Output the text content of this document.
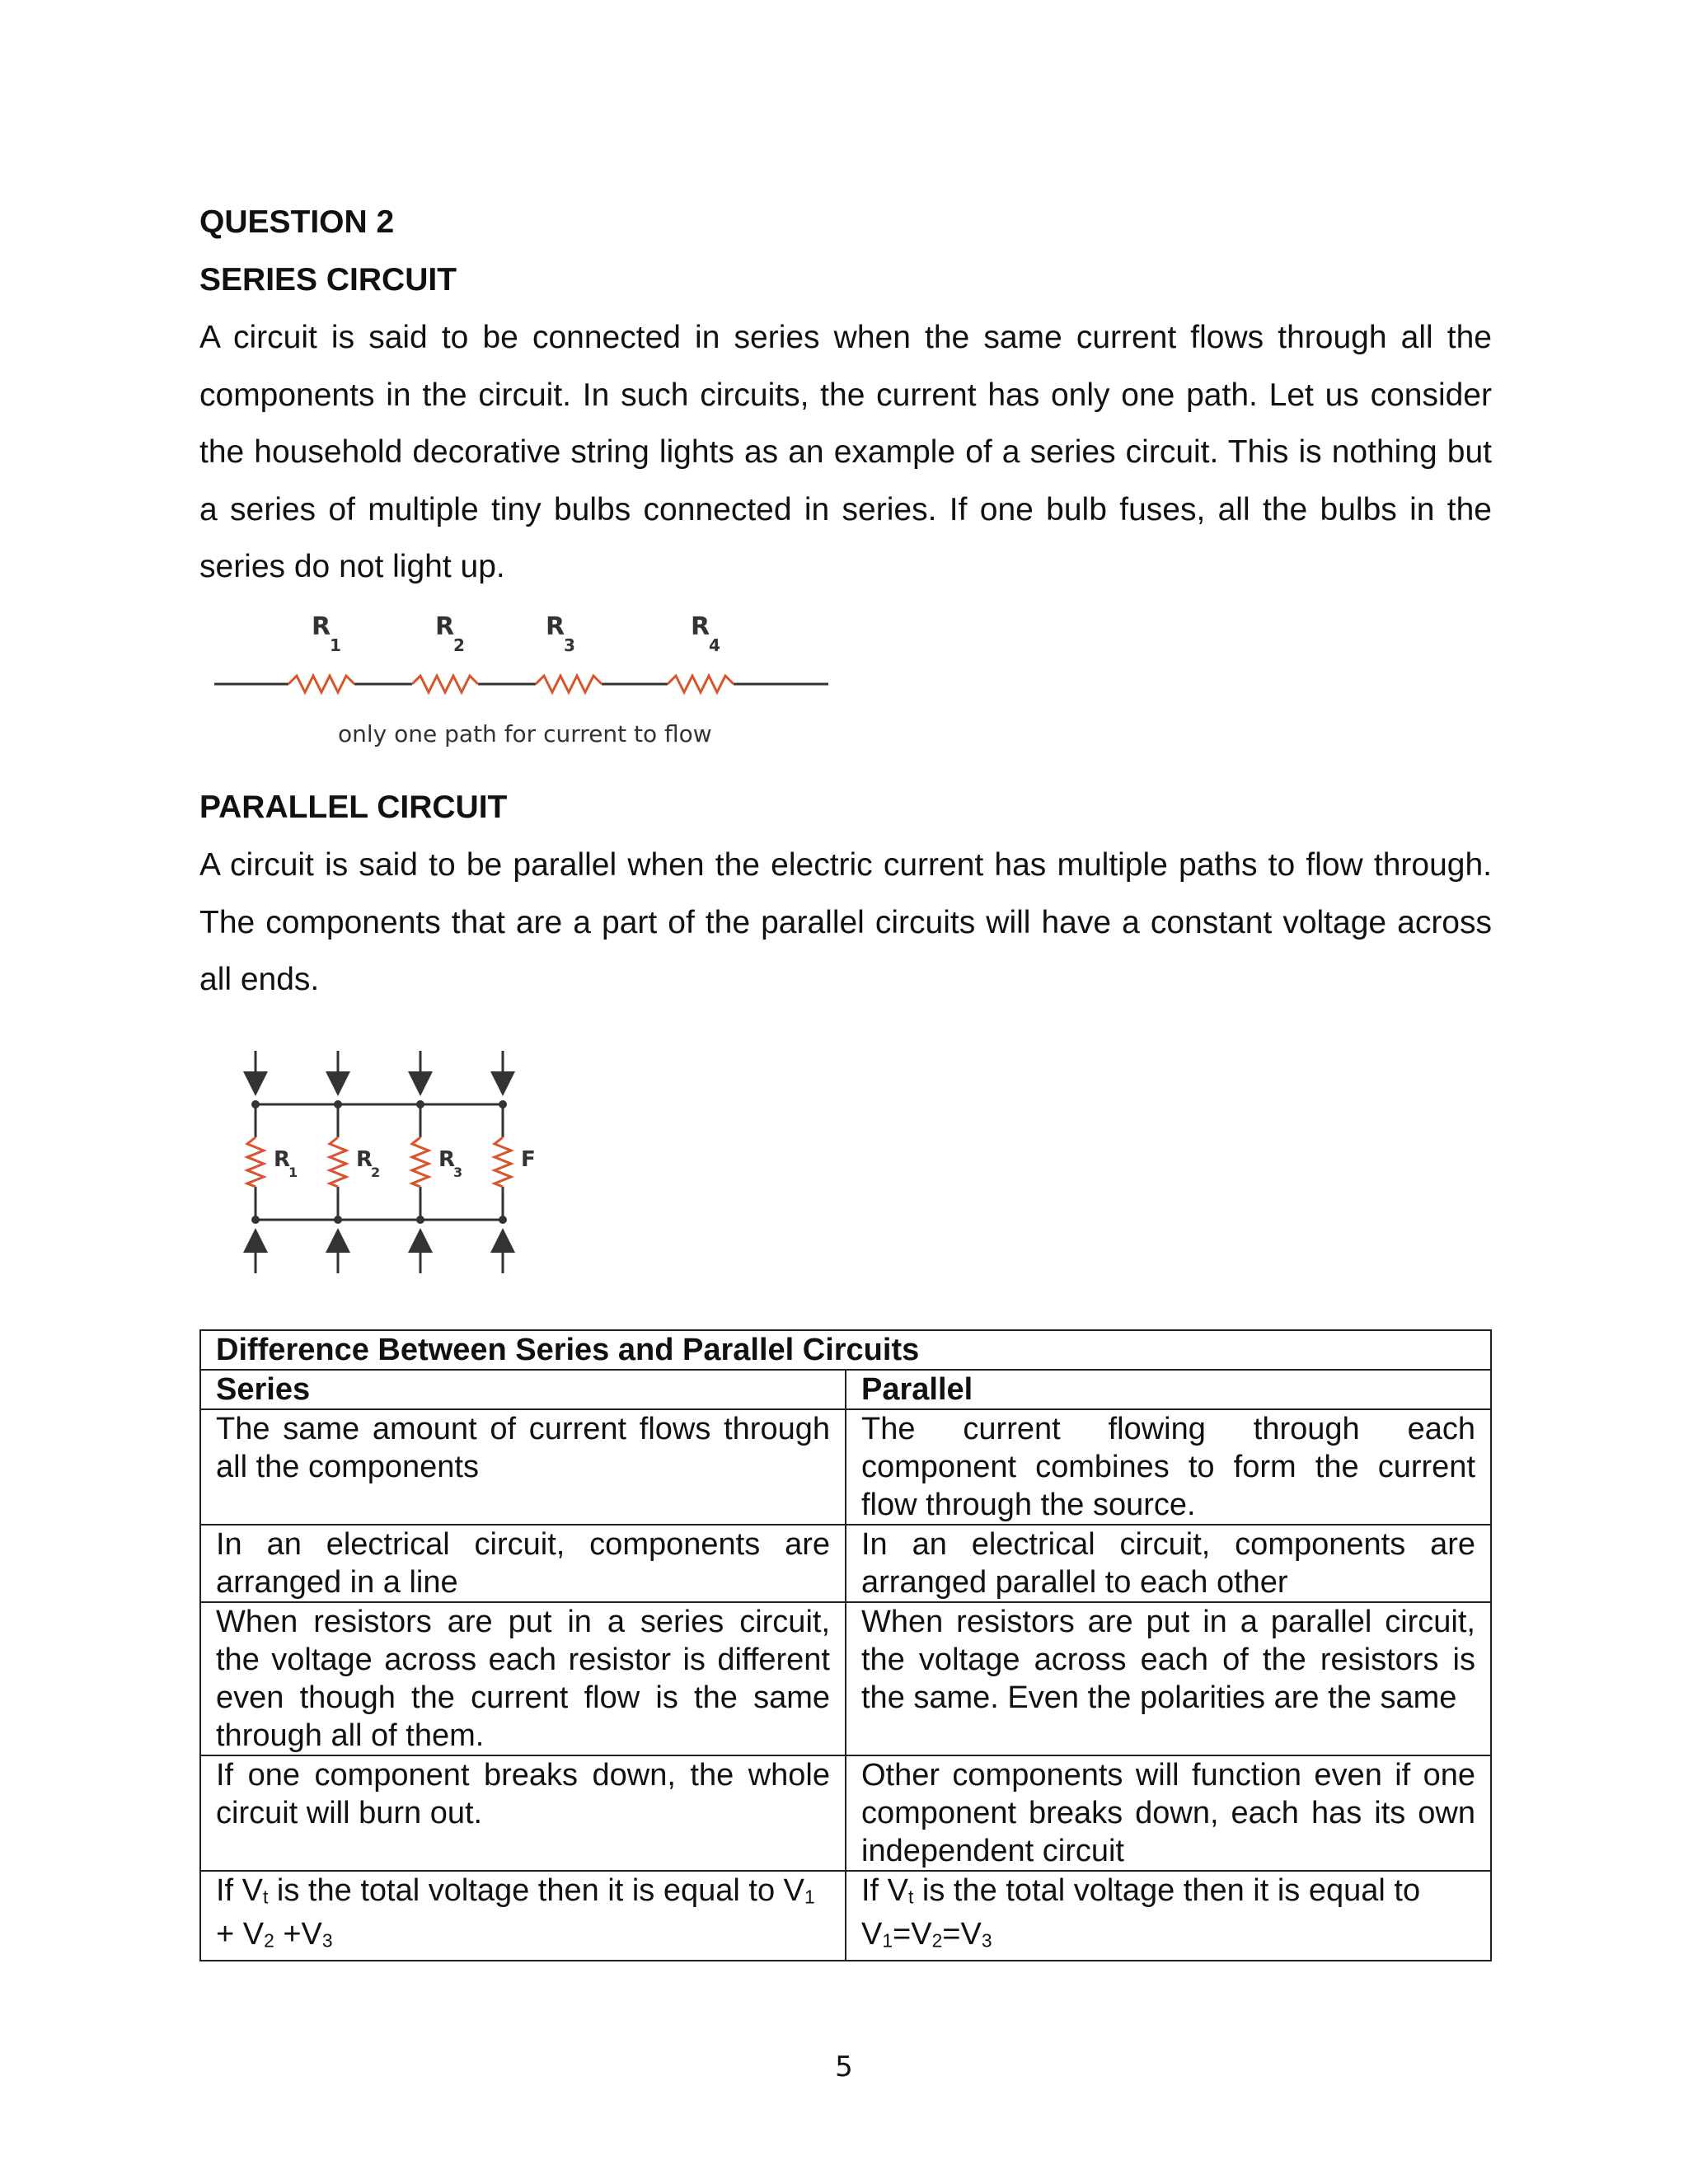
QUESTION 2

SERIES CIRCUIT

A circuit is said to be connected in series when the same current flows through all the components in the circuit. In such circuits, the current has only one path. Let us consider the household decorative string lights as an example of a series circuit. This is nothing but a series of multiple tiny bulbs connected in series. If one bulb fuses, all the bulbs in the series do not light up.

R
1
R
2
R
3
R
4
only one path for current to flow

PARALLEL CIRCUIT

A circuit is said to be parallel when the electric current has multiple paths to flow through. The components that are a part of the parallel circuits will have a constant voltage across all ends.

R
1
R
2
R
3
F
Difference Between Series and Parallel Circuits	
Series	Parallel
The same amount of current flows through all the components	The current flowing through each component combines to form the current flow through the source.
In an electrical circuit, components are arranged in a line	In an electrical circuit, components are arranged parallel to each other
When resistors are put in a series circuit, the voltage across each resistor is different even though the current flow is the same through all of them.	When resistors are put in a parallel circuit, the voltage across each of the resistors is the same. Even the polarities are the same
If one component breaks down, the whole circuit will burn out.	Other components will function even if one component breaks down, each has its own independent circuit
If $V_t$ is the total voltage then it is equal to $V_1 + V_2 +V_3$	If $V_t$ is the total voltage then it is equal to $V_1=V_2=V_3$
5
